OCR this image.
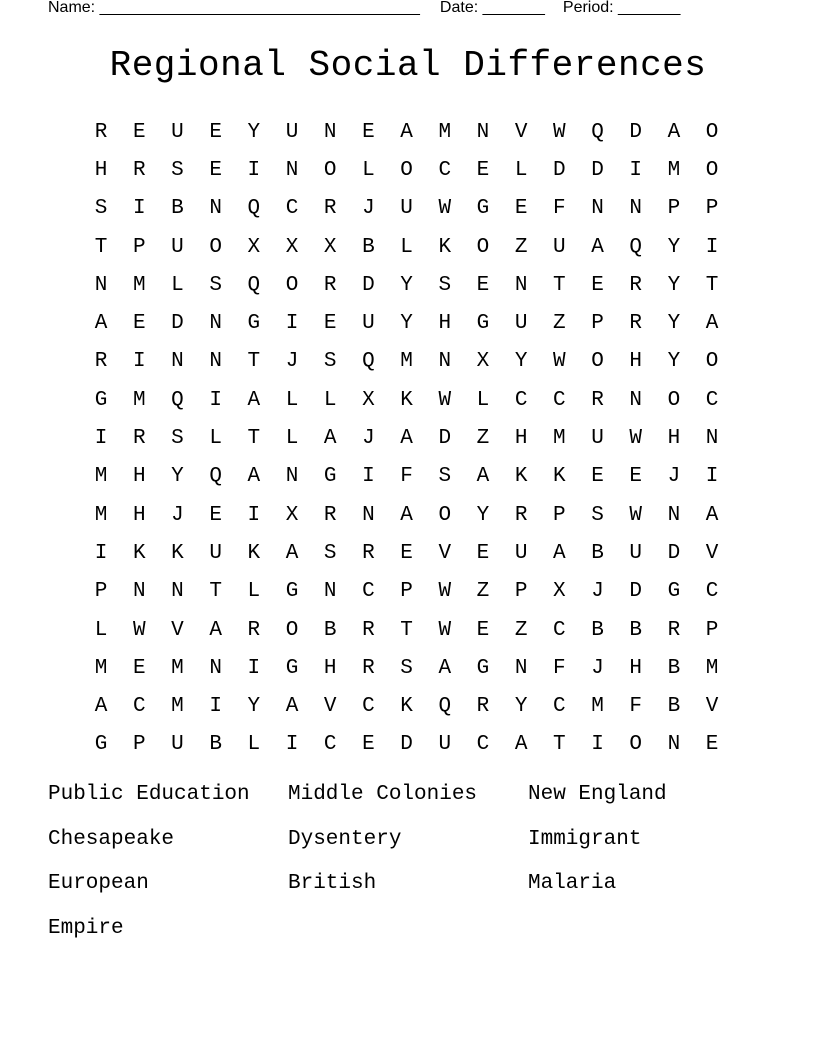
Name: ____________________________________ Date: _______ Period: _______
Regional Social Differences
R	E	U	E	Y	U	N	E	A	M	N	V	W	Q	D	A	O
H	R	S	E	I	N	O	L	O	C	E	L	D	D	I	M	O
S	I	B	N	Q	C	R	J	U	W	G	E	F	N	N	P	P
T	P	U	O	X	X	X	B	L	K	O	Z	U	A	Q	Y	I
N	M	L	S	Q	O	R	D	Y	S	E	N	T	E	R	Y	T
A	E	D	N	G	I	E	U	Y	H	G	U	Z	P	R	Y	A
R	I	N	N	T	J	S	Q	M	N	X	Y	W	O	H	Y	O
G	M	Q	I	A	L	L	X	K	W	L	C	C	R	N	O	C
I	R	S	L	T	L	A	J	A	D	Z	H	M	U	W	H	N
M	H	Y	Q	A	N	G	I	F	S	A	K	K	E	E	J	I
M	H	J	E	I	X	R	N	A	O	Y	R	P	S	W	N	A
I	K	K	U	K	A	S	R	E	V	E	U	A	B	U	D	V
P	N	N	T	L	G	N	C	P	W	Z	P	X	J	D	G	C
L	W	V	A	R	O	B	R	T	W	E	Z	C	B	B	R	P
M	E	M	N	I	G	H	R	S	A	G	N	F	J	H	B	M
A	C	M	I	Y	A	V	C	K	Q	R	Y	C	M	F	B	V
G	P	U	B	L	I	C	E	D	U	C	A	T	I	O	N	E
Public Education	Middle Colonies	New England
Chesapeake	Dysentery	Immigrant
European	British	Malaria
Empire
